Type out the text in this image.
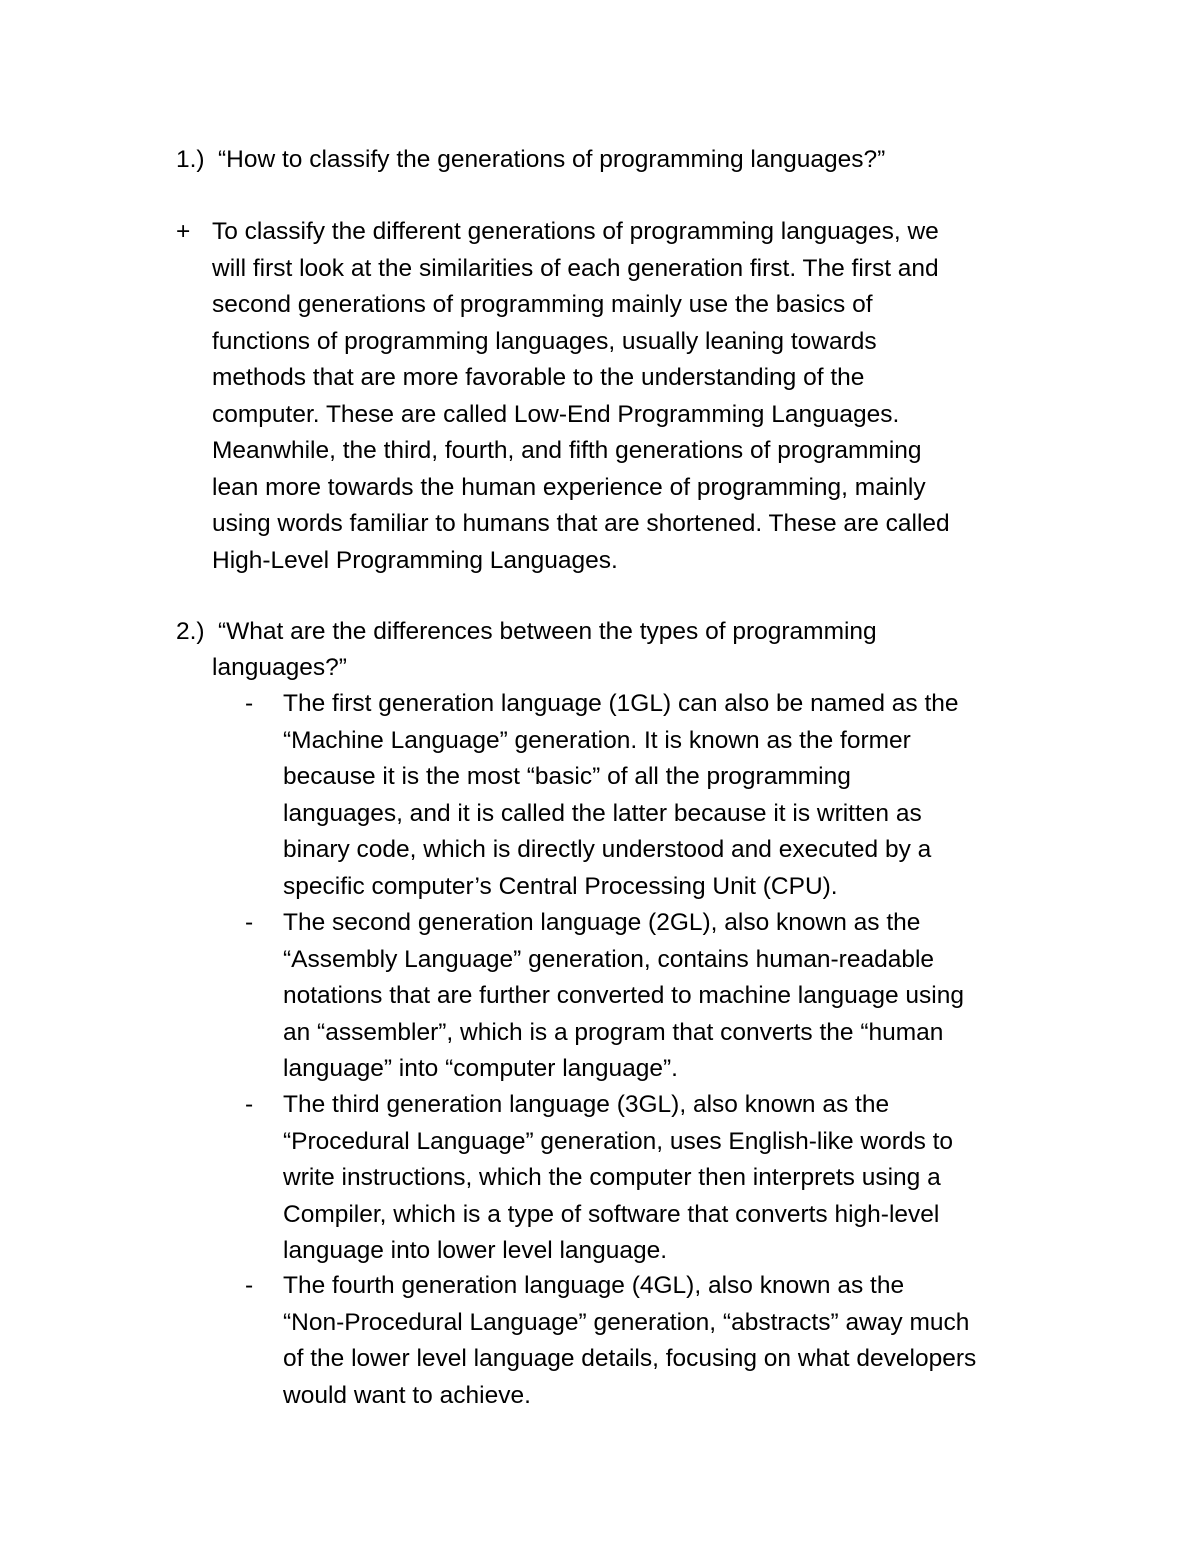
1.) “How to classify the generations of programming languages?”
+ To classify the different generations of programming languages, we
will first look at the similarities of each generation first. The first and
second generations of programming mainly use the basics of
functions of programming languages, usually leaning towards
methods that are more favorable to the understanding of the
computer. These are called Low-End Programming Languages.
Meanwhile, the third, fourth, and fifth generations of programming
lean more towards the human experience of programming, mainly
using words familiar to humans that are shortened. These are called
High-Level Programming Languages.
2.) “What are the differences between the types of programming
languages?”
- The first generation language (1GL) can also be named as the
“Machine Language” generation. It is known as the former
because it is the most “basic” of all the programming
languages, and it is called the latter because it is written as
binary code, which is directly understood and executed by a
specific computer’s Central Processing Unit (CPU).
- The second generation language (2GL), also known as the
“Assembly Language” generation, contains human-readable
notations that are further converted to machine language using
an “assembler”, which is a program that converts the “human
language” into “computer language”.
- The third generation language (3GL), also known as the
“Procedural Language” generation, uses English-like words to
write instructions, which the computer then interprets using a
Compiler, which is a type of software that converts high-level
language into lower level language.
- The fourth generation language (4GL), also known as the
“Non-Procedural Language” generation, “abstracts” away much
of the lower level language details, focusing on what developers
would want to achieve.
